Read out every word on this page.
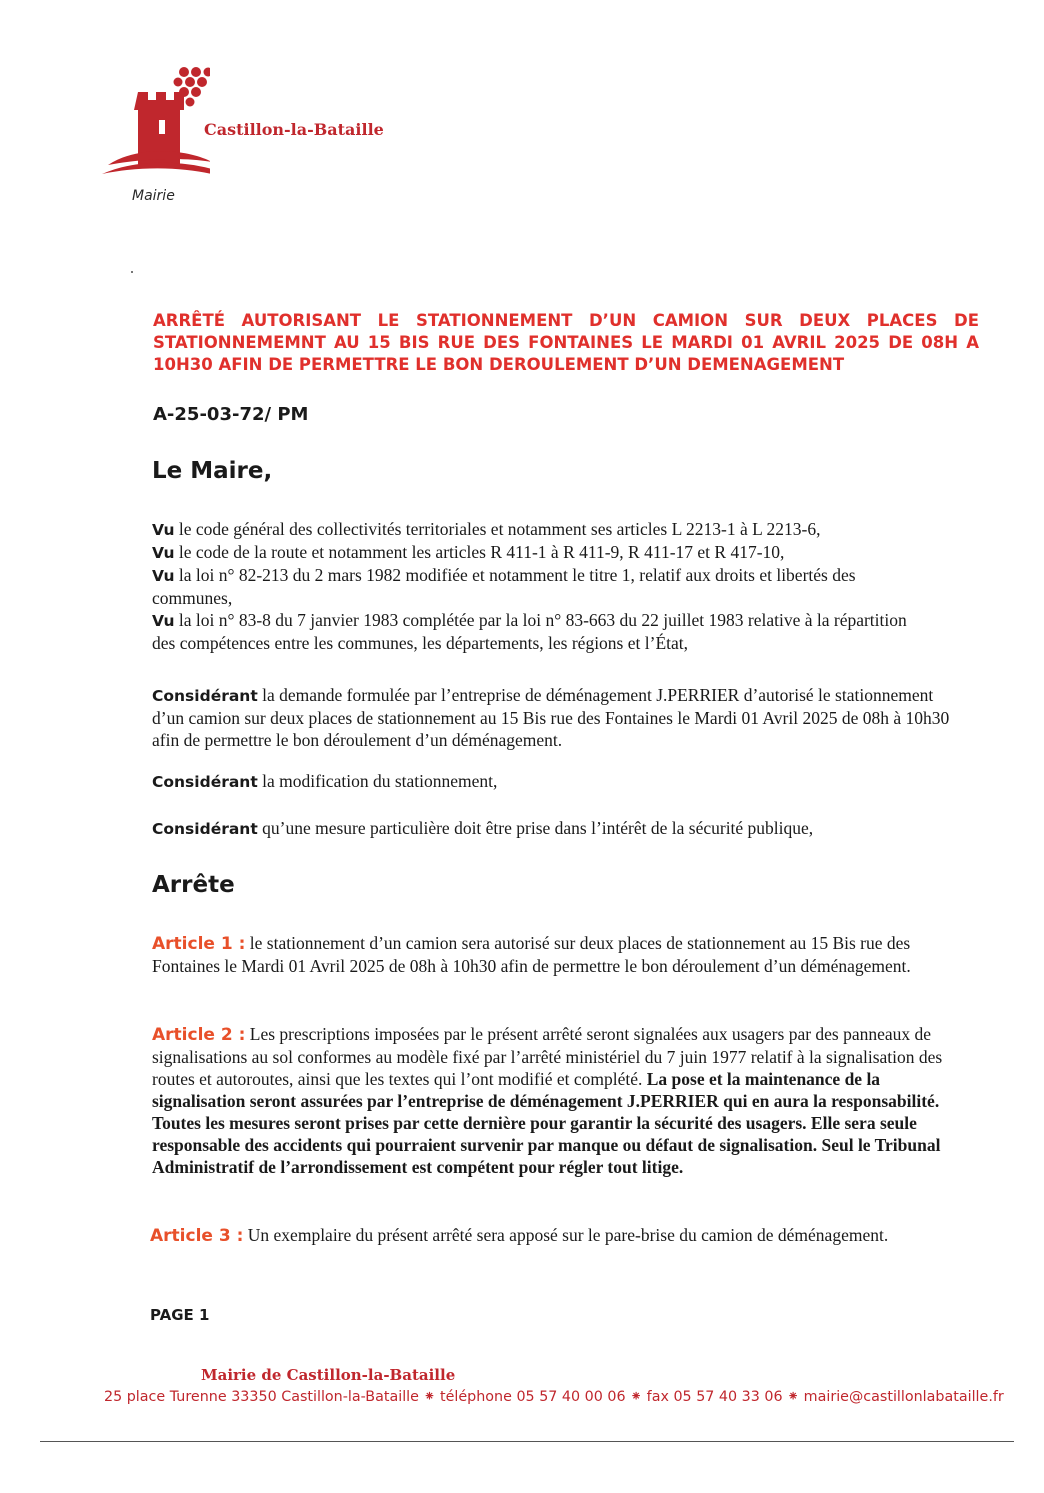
Castillon-la-Bataille
Mairie
ARRÊTÉ AUTORISANT LE STATIONNEMENT D’UN CAMION SUR DEUX PLACES DE
STATIONNEMEMNT AU 15 BIS RUE DES FONTAINES LE MARDI 01 AVRIL 2025 DE 08H A
10H30 AFIN DE PERMETTRE LE BON DEROULEMENT D’UN DEMENAGEMENT
A-25-03-72/ PM
Le Maire,
Vu le code général des collectivités territoriales et notamment ses articles L 2213-1 à L 2213-6,
Vu le code de la route et notamment les articles R 411-1 à R 411-9, R 411-17 et R 417-10,
Vu la loi n° 82-213 du 2 mars 1982 modifiée et notamment le titre 1, relatif aux droits et libertés des communes,
Vu la loi n° 83-8 du 7 janvier 1983 complétée par la loi n° 83-663 du 22 juillet 1983 relative à la répartition des compétences entre les communes, les départements, les régions et l’État,
Considérant la demande formulée par l’entreprise de déménagement J.PERRIER d’autorisé le stationnement d’un camion sur deux places de stationnement au 15 Bis rue des Fontaines le Mardi 01 Avril 2025 de 08h à 10h30 afin de permettre le bon déroulement d’un déménagement.
Considérant la modification du stationnement,
Considérant qu’une mesure particulière doit être prise dans l’intérêt de la sécurité publique,
Arrête
Article 1 : le stationnement d’un camion sera autorisé sur deux places de stationnement au 15 Bis rue des Fontaines le Mardi 01 Avril 2025 de 08h à 10h30 afin de permettre le bon déroulement d’un déménagement.
Article 2 : Les prescriptions imposées par le présent arrêté seront signalées aux usagers par des panneaux de signalisations au sol conformes au modèle fixé par l’arrêté ministériel du 7 juin 1977 relatif à la signalisation des routes et autoroutes, ainsi que les textes qui l’ont modifié et complété. La pose et la maintenance de la signalisation seront assurées par l’entreprise de déménagement J.PERRIER qui en aura la responsabilité. Toutes les mesures seront prises par cette dernière pour garantir la sécurité des usagers. Elle sera seule responsable des accidents qui pourraient survenir par manque ou défaut de signalisation. Seul le Tribunal Administratif de l’arrondissement est compétent pour régler tout litige.
Article 3 : Un exemplaire du présent arrêté sera apposé sur le pare-brise du camion de déménagement.
PAGE 1
Mairie de Castillon-la-Bataille
25 place Turenne 33350 Castillon-la-Bataille ⁕ téléphone 05 57 40 00 06 ⁕ fax 05 57 40 33 06 ⁕ mairie@castillonlabataille.fr
